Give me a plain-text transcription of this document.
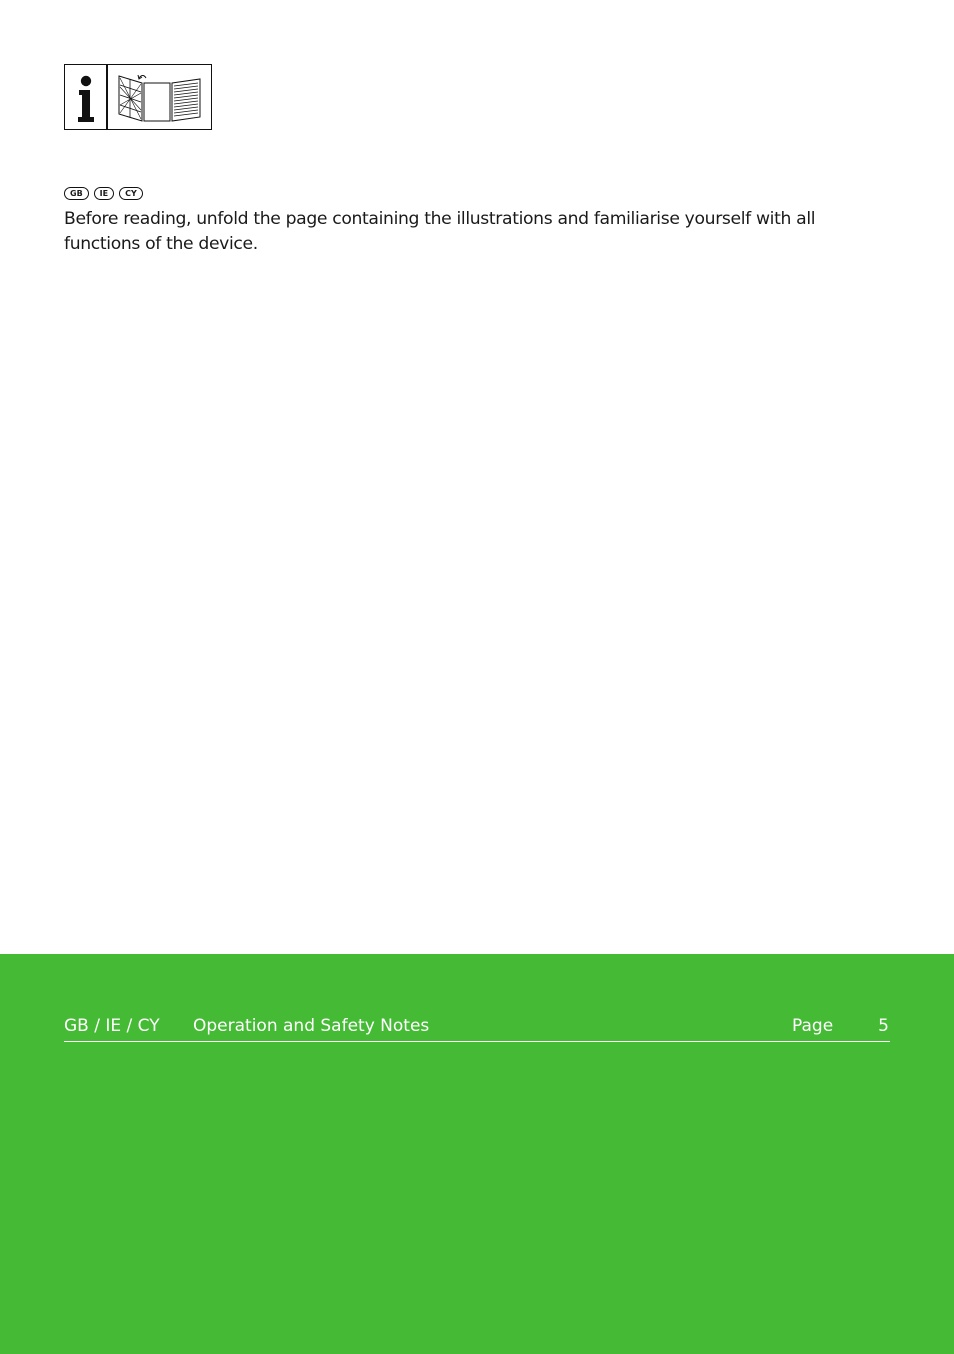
GB	IE	CY

Before reading, unfold the page containing the illustrations and familiarise yourself with all functions of the device.

GB / IE / CY Operation and Safety Notes	Page	5
